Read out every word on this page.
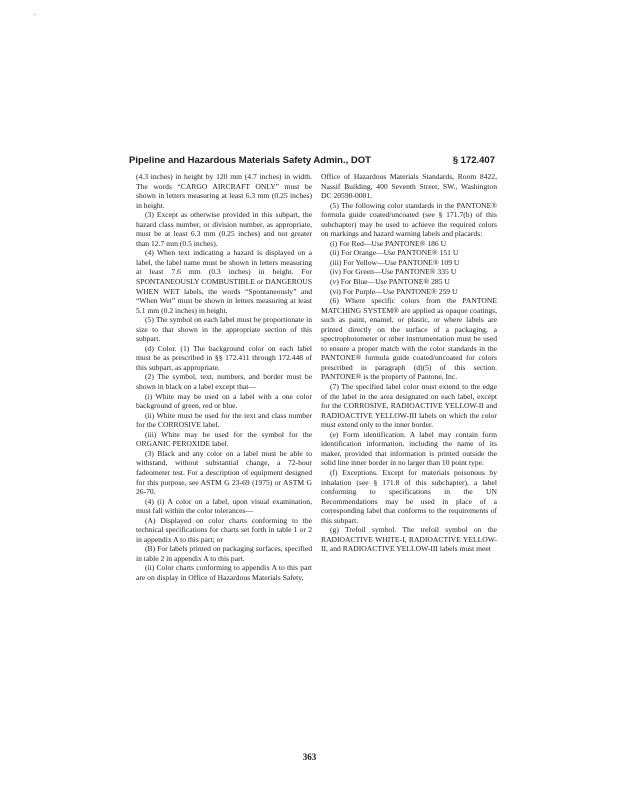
Pipeline and Hazardous Materials Safety Admin., DOT	§ 172.407

(4.3 inches) in height by 120 mm (4.7 inches) in width. The words “CARGO AIRCRAFT ONLY” must be shown in letters measuring at least 6.3 mm (0.25 inches) in height.

(3) Except as otherwise provided in this subpart, the hazard class number, or division number, as appropriate, must be at least 6.3 mm (0.25 inches) and not greater than 12.7 mm (0.5 inches).

(4) When text indicating a hazard is displayed on a label, the label name must be shown in letters measuring at least 7.6 mm (0.3 inches) in height. For SPONTANEOUSLY COMBUSTIBLE or DANGEROUS WHEN WET labels, the words “Spontaneously” and “When Wet” must be shown in letters measuring at least 5.1 mm (0.2 inches) in height.

(5) The symbol on each label must be proportionate in size to that shown in the appropriate section of this subpart.

(d) Color. (1) The background color on each label must be as prescribed in §§ 172.411 through 172.448 of this subpart, as appropriate.

(2) The symbol, text, numbers, and border must be shown in black on a label except that—

(i) White may be used on a label with a one color background of green, red or blue.

(ii) White must be used for the text and class number for the CORROSIVE label.

(iii) White may be used for the symbol for the ORGANIC PEROXIDE label.

(3) Black and any color on a label must be able to withstand, without substantial change, a 72-hour fadeometer test. For a description of equipment designed for this purpose, see ASTM G 23-69 (1975) or ASTM G 26-70.

(4) (i) A color on a label, upon visual examination, must fall within the color tolerances—

(A) Displayed on color charts conforming to the technical specifications for charts set forth in table 1 or 2 in appendix A to this part; or

(B) For labels printed on packaging surfaces, specified in table 2 in appendix A to this part.

(ii) Color charts conforming to appendix A to this part are on display in Office of Hazardous Materials Safety,

Office of Hazardous Materials Standards, Room 8422, Nassif Building, 400 Seventh Street, SW., Washington DC 20590-0001.

(5) The following color standards in the PANTONE® formula guide coated/uncoated (see § 171.7(b) of this subchapter) may be used to achieve the required colors on markings and hazard warning labels and placards:

(i) For Red—Use PANTONE® 186 U

(ii) For Orange—Use PANTONE® 151 U

(iii) For Yellow—Use PANTONE® 109 U

(iv) For Green—Use PANTONE® 335 U

(v) For Blue—Use PANTONE® 285 U

(vi) For Purple—Use PANTONE® 259 U

(6) Where specific colors from the PANTONE MATCHING SYSTEM® are applied as opaque coatings, such as paint, enamel, or plastic, or where labels are printed directly on the surface of a packaging, a spectrophotometer or other instrumentation must be used to ensure a proper match with the color standards in the PANTONE® formula guide coated/uncoated for colors prescribed in paragraph (d)(5) of this section. PANTONE® is the property of Pantone, Inc.

(7) The specified label color must extend to the edge of the label in the area designated on each label, except for the CORROSIVE, RADIOACTIVE YELLOW-II and RADIOACTIVE YELLOW-III labels on which the color must extend only to the inner border.

(e) Form identification. A label may contain form identification information, including the name of its maker, provided that information is printed outside the solid line inner border in no larger than 10 point type.

(f) Exceptions. Except for materials poisonous by inhalation (see § 171.8 of this subchapter), a label conforming to specifications in the UN Recommendations may be used in place of a corresponding label that conforms to the requirements of this subpart.

(g) Trefoil symbol. The trefoil symbol on the RADIOACTIVE WHITE-I, RADIOACTIVE YELLOW-II, and RADIOACTIVE YELLOW-III labels must meet

363
